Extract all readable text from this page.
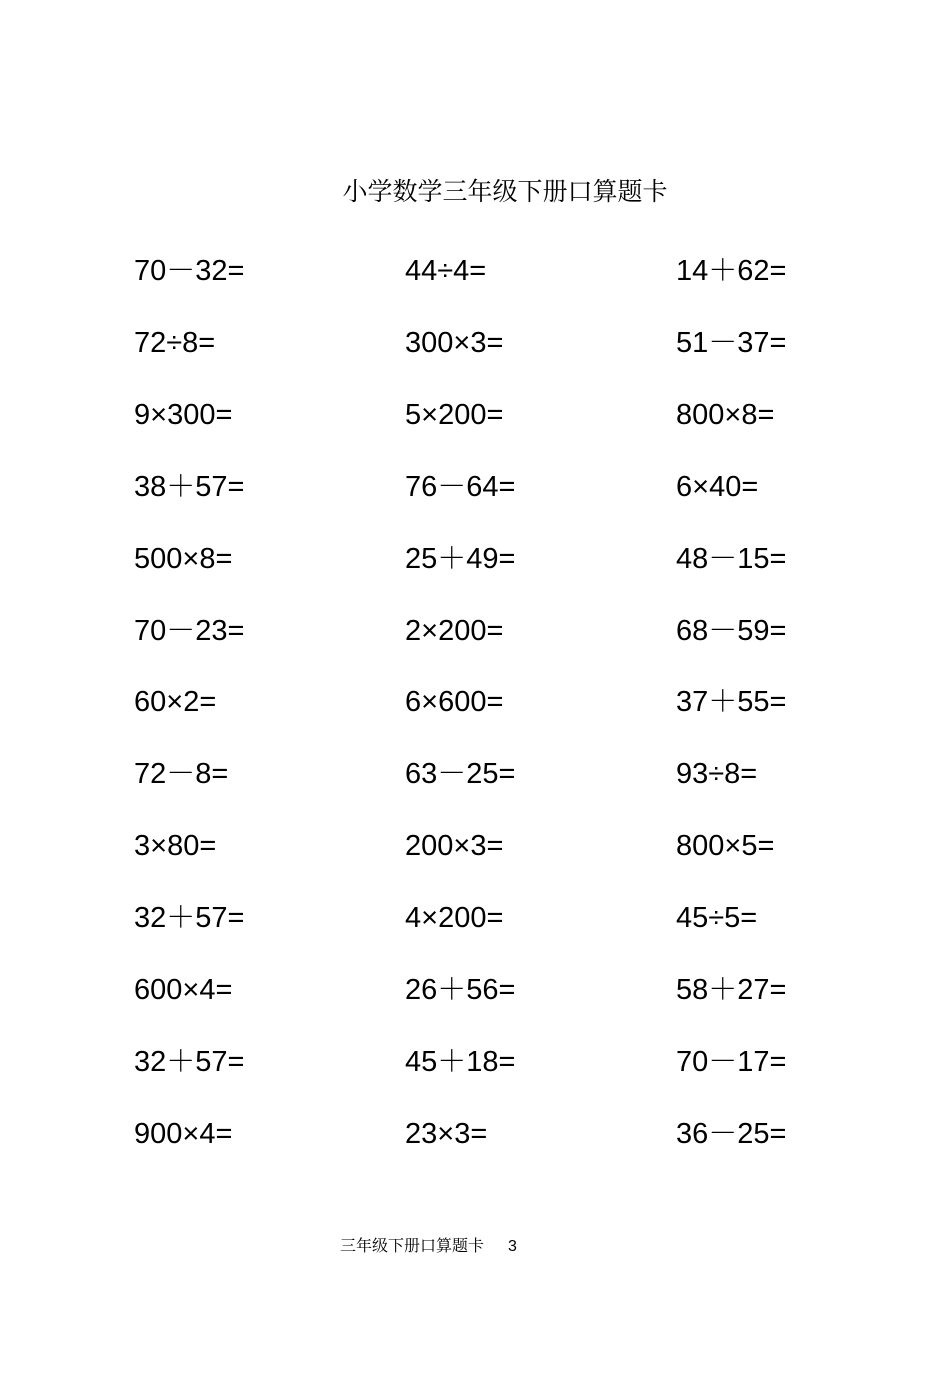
小学数学三年级下册口算题卡
70－32=	44÷4=	14＋62=
72÷8=	300×3=	51－37=
9×300=	5×200=	800×8=
38＋57=	76－64=	6×40=
500×8=	25＋49=	48－15=
70－23=	2×200=	68－59=
60×2=	6×600=	37＋55=
72－8=	63－25=	93÷8=
3×80=	200×3=	800×5=
32＋57=	4×200=	45÷5=
600×4=	26＋56=	58＋27=
32＋57=	45＋18=	70－17=
900×4=	23×3=	36－25=
三年级下册口算题卡 3
